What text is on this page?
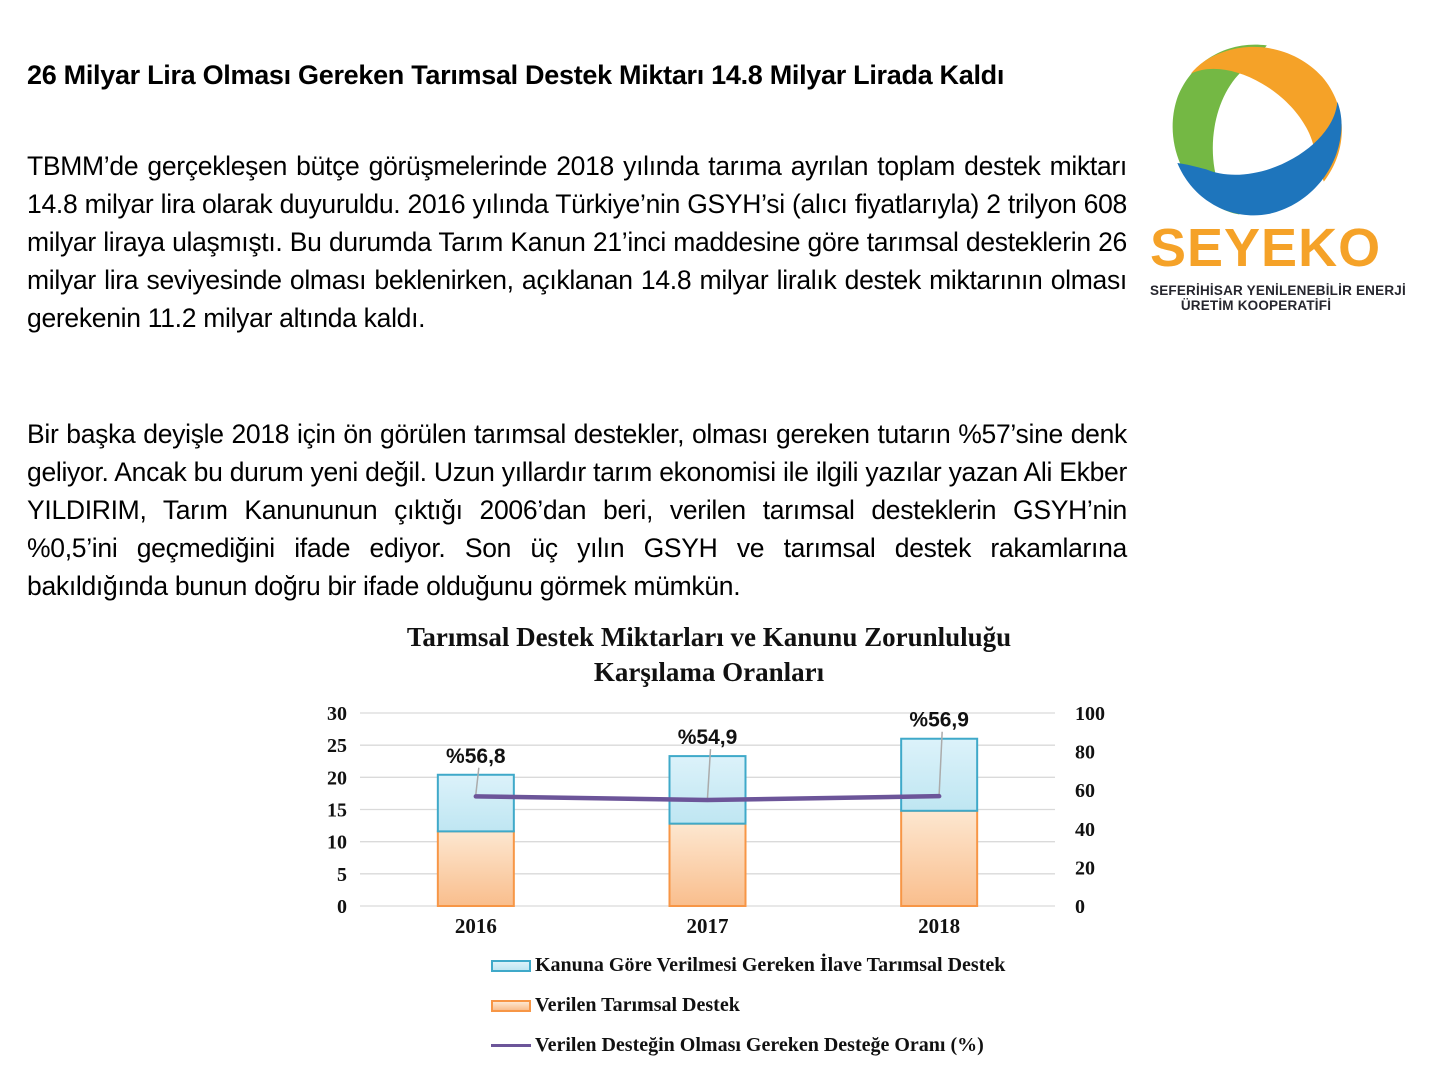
26 Milyar Lira Olması Gereken Tarımsal Destek Miktarı 14.8 Milyar Lirada Kaldı

TBMM’de gerçekleşen bütçe görüşmelerinde 2018 yılında tarıma ayrılan toplam destek miktarı 14.8 milyar lira olarak duyuruldu. 2016 yılında Türkiye’nin GSYH’si (alıcı fiyatlarıyla) 2 trilyon 608 milyar liraya ulaşmıştı. Bu durumda Tarım Kanun 21’inci maddesine göre tarımsal desteklerin 26 milyar lira seviyesinde olması beklenirken, açıklanan 14.8 milyar liralık destek miktarının olması gerekenin 11.2 milyar altında kaldı.

Bir başka deyişle 2018 için ön görülen tarımsal destekler, olması gereken tutarın %57’sine denk geliyor. Ancak bu durum yeni değil. Uzun yıllardır tarım ekonomisi ile ilgili yazılar yazan Ali Ekber YILDIRIM, Tarım Kanununun çıktığı 2006’dan beri, verilen tarımsal desteklerin GSYH’nin %0,5’ini geçmediğini ifade ediyor. Son üç yılın GSYH ve tarımsal destek rakamlarına bakıldığında bunun doğru bir ifade olduğunu görmek mümkün.

SEYEKO
SEFERİHİSAR YENİLENEBİLİR ENERJİ
ÜRETİM KOOPERATİFİ
Tarımsal Destek Miktarları ve Kanunu Zorunluluğu
Karşılama Oranları
0
5
10
15
20
25
30
0
20
40
60
80
100
2016	2017	2018
%56,8
%54,9
%56,9
Kanuna Göre Verilmesi Gereken İlave Tarımsal Destek
Verilen Tarımsal Destek
Verilen Desteğin Olması Gereken Desteğe Oranı (%)
